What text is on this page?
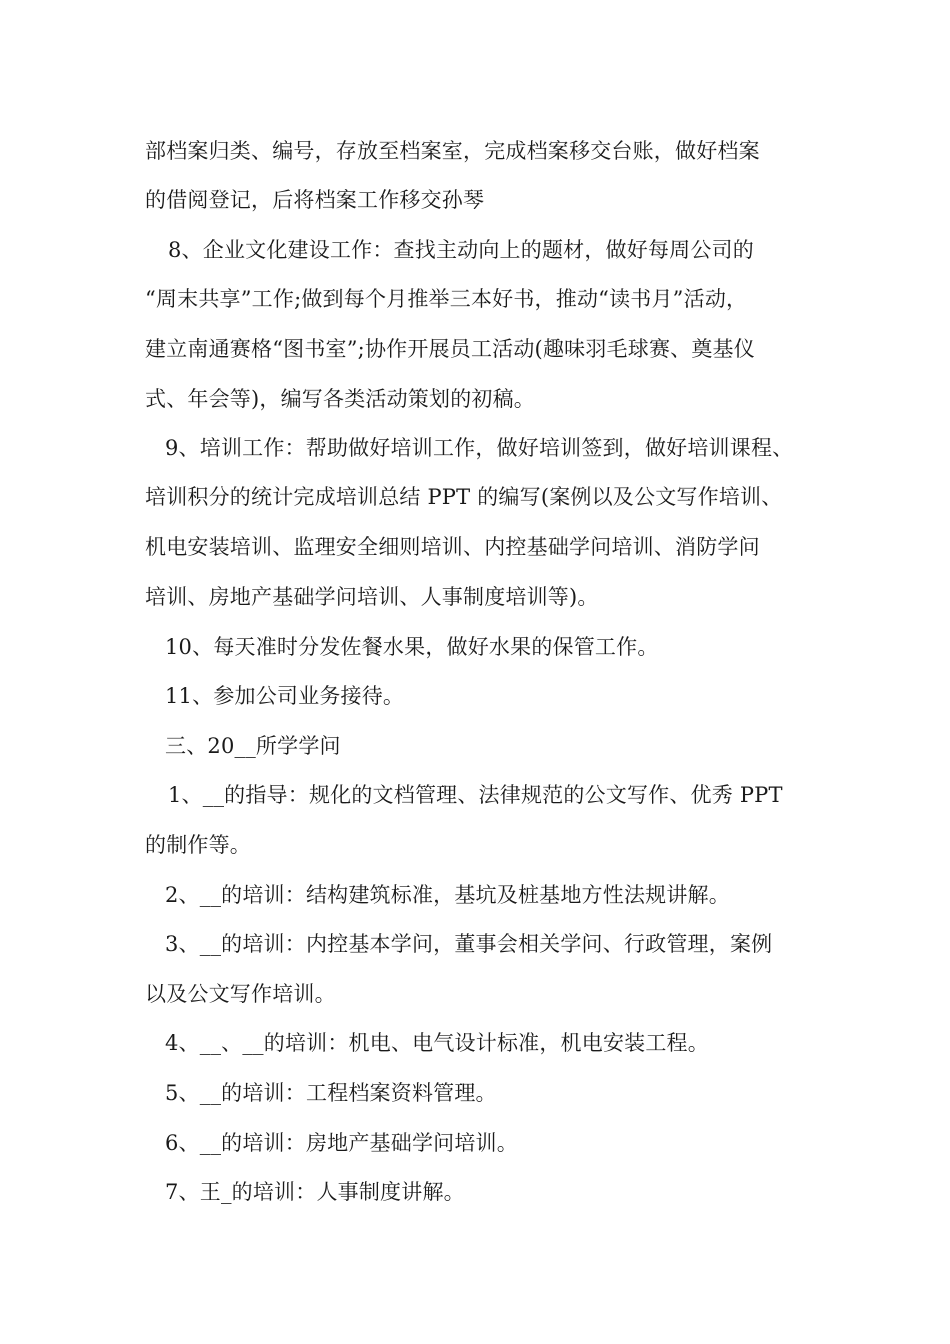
部档案归类、编号，存放至档案室，完成档案移交台账，做好档案
的借阅登记，后将档案工作移交孙琴
8、企业文化建设工作：查找主动向上的题材，做好每周公司的
“周末共享”工作;做到每个月推举三本好书，推动“读书月”活动，
建立南通赛格“图书室”;协作开展员工活动(趣味羽毛球赛、奠基仪
式、年会等)，编写各类活动策划的初稿。
9、培训工作：帮助做好培训工作，做好培训签到，做好培训课程、
培训积分的统计完成培训总结 PPT 的编写(案例以及公文写作培训、
机电安装培训、监理安全细则培训、内控基础学问培训、消防学问
培训、房地产基础学问培训、人事制度培训等)。
10、每天准时分发佐餐水果，做好水果的保管工作。
11、参加公司业务接待。
三、20__所学学问
1、__的指导：规化的文档管理、法律规范的公文写作、优秀 PPT
的制作等。
2、__的培训：结构建筑标准，基坑及桩基地方性法规讲解。
3、__的培训：内控基本学问，董事会相关学问、行政管理，案例
以及公文写作培训。
4、__、__的培训：机电、电气设计标准，机电安装工程。
5、__的培训：工程档案资料管理。
6、__的培训：房地产基础学问培训。
7、王_的培训：人事制度讲解。
